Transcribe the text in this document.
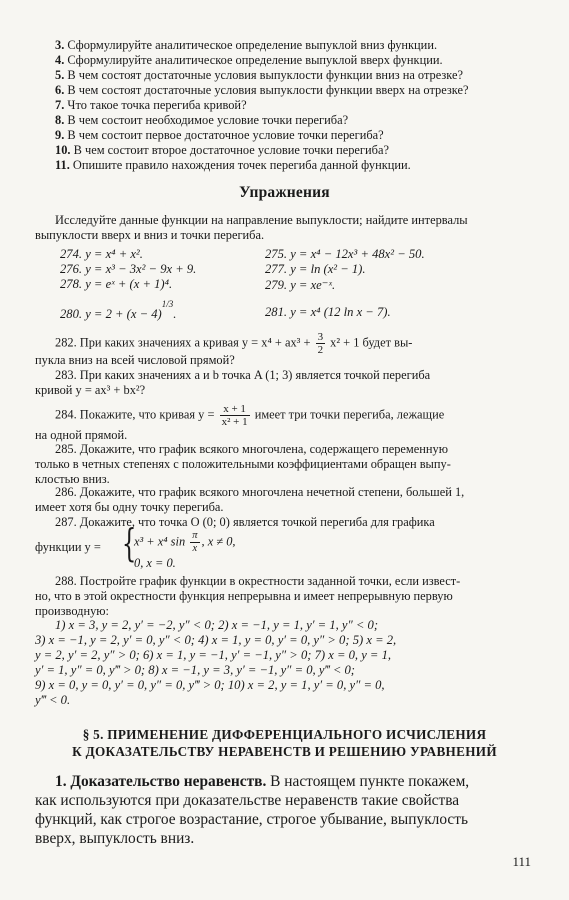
3. Сформулируйте аналитическое определение выпуклой вниз функции.
4. Сформулируйте аналитическое определение выпуклой вверх функции.
5. В чем состоят достаточные условия выпуклости функции вниз на отрезке?
6. В чем состоят достаточные условия выпуклости функции вверх на отрезке?
7. Что такое точка перегиба кривой?
8. В чем состоит необходимое условие точки перегиба?
9. В чем состоит первое достаточное условие точки перегиба?
10. В чем состоит второе достаточное условие точки перегиба?
11. Опишите правило нахождения точек перегиба данной функции.
Упражнения
Исследуйте данные функции на направление выпуклости; найдите интервалы
выпуклости вверх и вниз и точки перегиба.
274. y = x⁴ + x².	275. y = x⁴ − 12x³ + 48x² − 50.
276. y = x³ − 3x² − 9x + 9.	277. y = ln (x² − 1).
278. y = eˣ + (x + 1)⁴.	279. y = xe⁻ˣ.
280. $y = 2 + (x - 4)^{1/3}$.	281. y = x⁴ (12 ln x − 7).
282. При каких значениях a кривая $y = x^4 + ax^3 + \frac{3}{2} x^2 + 1$ будет вы-
пукла вниз на всей числовой прямой?
283. При каких значениях a и b точка A (1; 3) является точкой перегиба
кривой y = ax³ + bx²?
284. Покажите, что кривая $y = \frac{x + 1}{\text{x² + 1}}$ имеет три точки перегиба, лежащие
на одной прямой.
285. Докажите, что график всякого многочлена, содержащего переменную
только в четных степенях с положительными коэффициентами обращен выпу-
клостью вниз.
286. Докажите, что график всякого многочлена нечетной степени, большей 1,
имеет хотя бы одну точку перегиба.
287. Докажите, что точка O (0; 0) является точкой перегиба для графика
функции y = {
x³ + x⁴ $\sin \frac{\pi}{x}$ , x ≠ 0,
0, x = 0.
288. Постройте график функции в окрестности заданной точки, если извест-
но, что в этой окрестности функция непрерывна и имеет непрерывную первую
производную:
1) x = 3, y = 2, y′ = −2, y″ < 0; 2) x = −1, y = 1, y′ = 1, y″ < 0;
3) x = −1, y = 2, y′ = 0, y″ < 0; 4) x = 1, y = 0, y′ = 0, y″ > 0; 5) x = 2,
y = 2, y′ = 2, y″ > 0; 6) x = 1, y = −1, y′ = −1, y″ > 0; 7) x = 0, y = 1,
y′ = 1, y″ = 0, y‴ > 0; 8) x = −1, y = 3, y′ = −1, y″ = 0, y‴ < 0;
9) x = 0, y = 0, y′ = 0, y″ = 0, y‴ > 0; 10) x = 2, y = 1, y′ = 0, y″ = 0,
y‴ < 0.
§ 5. ПРИМЕНЕНИЕ ДИФФЕРЕНЦИАЛЬНОГО ИСЧИСЛЕНИЯ
К ДОКАЗАТЕЛЬСТВУ НЕРАВЕНСТВ И РЕШЕНИЮ УРАВНЕНИЙ
1. Доказательство неравенств. В настоящем пункте покажем,
как используются при доказательстве неравенств такие свойства
функций, как строгое возрастание, строгое убывание, выпуклость
вверх, выпуклость вниз.
111
